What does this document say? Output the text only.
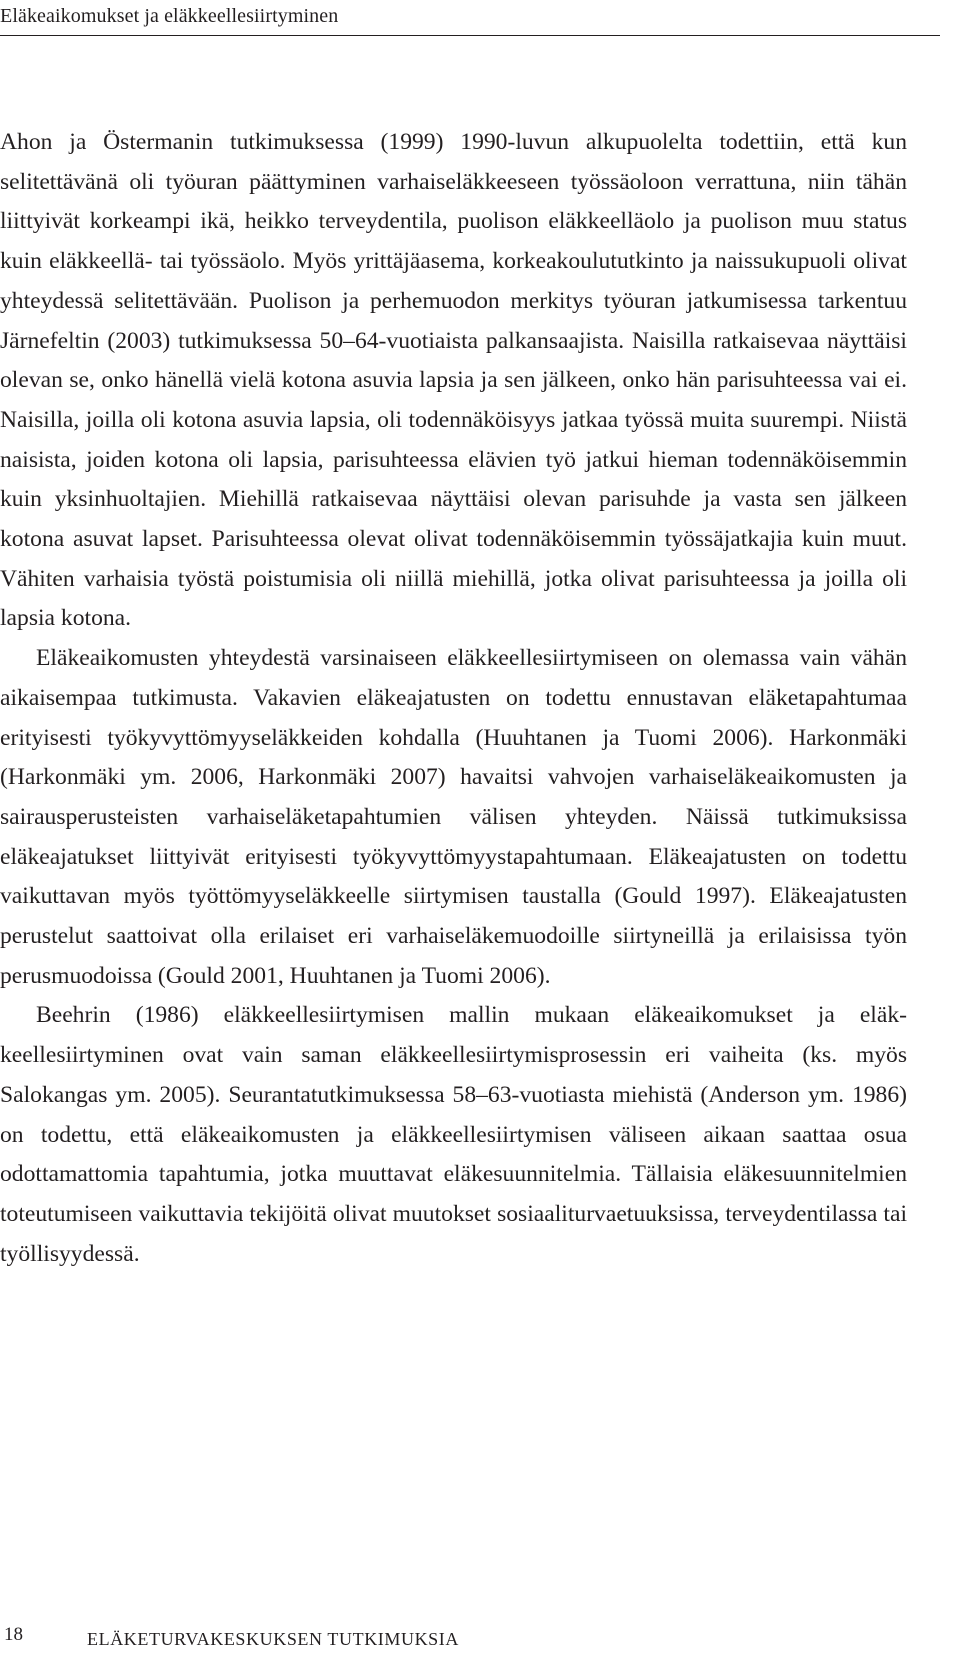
Eläkeaikomukset ja eläkkeellesiirtyminen

Ahon ja Östermanin tutkimuksessa (1999) 1990-luvun alkupuolelta todettiin, että kun selitettävänä oli työuran päättyminen varhaiseläkkeeseen työssäoloon verrattuna, niin tähän liittyivät korkeampi ikä, heikko terveydentila, puolison eläkkeelläolo ja puolison muu status kuin eläkkeellä- tai työssäolo. Myös yrittäjäasema, korkeakoulututkinto ja naissukupuoli olivat yhteydessä selitettävään. Puolison ja perhemuodon merkitys työuran jatkumisessa tarkentuu Järnefeltin (2003) tutkimuksessa 50–64-vuotiaista palkansaajista. Naisilla ratkaisevaa näyttäisi olevan se, onko hänellä vielä kotona asuvia lapsia ja sen jälkeen, onko hän parisuhteessa vai ei. Naisilla, joilla oli kotona asuvia lapsia, oli todennäköisyys jatkaa työssä muita suurempi. Niistä naisista, joiden kotona oli lapsia, parisuhteessa elävien työ jatkui hieman todennäköisemmin kuin yksinhuoltajien. Miehillä ratkaisevaa näyttäisi olevan parisuhde ja vasta sen jälkeen kotona asuvat lapset. Parisuhteessa olevat olivat todennäköisemmin työssäjatkajia kuin muut. Vähiten varhaisia työstä poistumisia oli niillä miehillä, jotka olivat parisuhteessa ja joilla oli lapsia kotona.

Eläkeaikomusten yhteydestä varsinaiseen eläkkeellesiirtymiseen on olemassa vain vähän aikaisempaa tutkimusta. Vakavien eläkeajatusten on todettu ennustavan eläketapahtumaa erityisesti työkyvyttömyyseläkkeiden kohdalla (Huuhtanen ja Tuomi 2006). Harkonmäki (Harkonmäki ym. 2006, Harkonmäki 2007) havaitsi vahvojen varhaiseläkeaikomusten ja sairausperusteisten varhaiseläketapahtumien välisen yhteyden. Näissä tutkimuksissa eläkeajatukset liittyivät erityisesti työkyvyttömyystapahtumaan. Eläkeajatusten on todettu vaikuttavan myös työttömyyseläkkeelle siirtymisen taustalla (Gould 1997). Eläkeajatusten perustelut saattoivat olla erilaiset eri varhaiseläkemuodoille siirtyneillä ja erilaisissa työn perusmuodoissa (Gould 2001, Huuhtanen ja Tuomi 2006).

Beehrin (1986) eläkkeellesiirtymisen mallin mukaan eläkeaikomukset ja eläkkeellesiirtyminen ovat vain saman eläkkeellesiirtymisprosessin eri vaiheita (ks. myös Salokangas ym. 2005). Seurantatutkimuksessa 58–63-vuotiasta miehistä (Anderson ym. 1986) on todettu, että eläkeaikomusten ja eläkkeellesiirtymisen väliseen aikaan saattaa osua odottamattomia tapahtumia, jotka muuttavat eläkesuunnitelmia. Tällaisia eläkesuunnitelmien toteutumiseen vaikuttavia tekijöitä olivat muutokset sosiaaliturvaetuuksissa, terveydentilassa tai työllisyydessä.

18	ELÄKETURVAKESKUKSEN TUTKIMUKSIA
